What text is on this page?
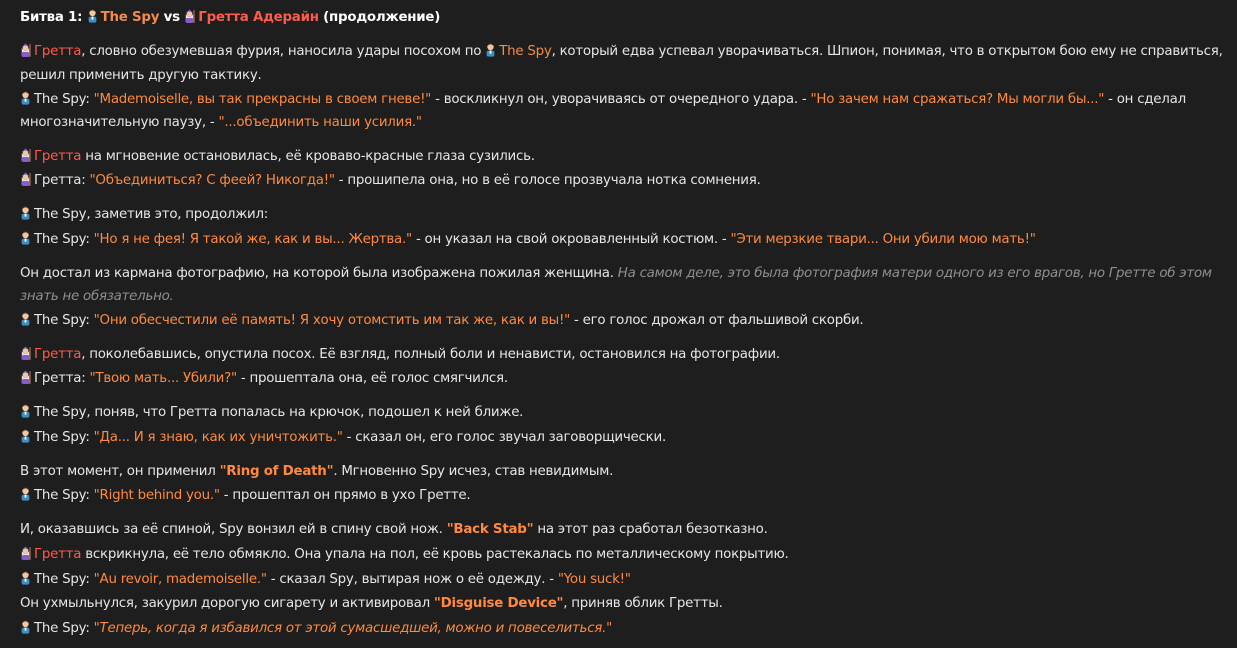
Битва 1: The Spy vs Гретта Адерайн (продолжение)
Гретта, словно обезумевшая фурия, наносила удары посохом по
The Spy, который едва успевал уворачиваться. Шпион, понимая, что в открытом бою ему не справиться, решил применить другую тактику.
The Spy: "Mademoiselle, вы так прекрасны в своем гневе!" - воскликнул он, уворачиваясь от очередного удара. - "Но зачем нам сражаться? Мы могли бы..." - он сделал
многозначительную паузу, - "...объединить наши усилия."
Гретта на мгновение остановилась, её кроваво-красные глаза сузились.
Гретта: "Объединиться? С феей? Никогда!" - прошипела она, но в её голосе прозвучала нотка сомнения.
The Spy, заметив это, продолжил:
The Spy: "Но я не фея! Я такой же, как и вы... Жертва." - он указал на свой окровавленный костюм. - "Эти мерзкие твари... Они убили мою мать!"
Он достал из кармана фотографию, на которой была изображена пожилая женщина. На самом деле, это была фотография матери одного из его врагов, но Гретте об этом
знать не обязательно.
The Spy: "Они обесчестили её память! Я хочу отомстить им так же, как и вы!" - его голос дрожал от фальшивой скорби.
Гретта, поколебавшись, опустила посох. Её взгляд, полный боли и ненависти, остановился на фотографии.
Гретта: "Твою мать... Убили?" - прошептала она, её голос смягчился.
The Spy, поняв, что Гретта попалась на крючок, подошел к ней ближе.
The Spy: "Да... И я знаю, как их уничтожить." - сказал он, его голос звучал заговорщически.
В этот момент, он применил "Ring of Death". Мгновенно Spy исчез, став невидимым.
The Spy: "Right behind you." - прошептал он прямо в ухо Гретте.
И, оказавшись за её спиной, Spy вонзил ей в спину свой нож. "Back Stab" на этот раз сработал безотказно.
Гретта вскрикнула, её тело обмякло. Она упала на пол, её кровь растекалась по металлическому покрытию.
The Spy: "Au revoir, mademoiselle." - сказал Spy, вытирая нож о её одежду. - "You suck!"
Он ухмыльнулся, закурил дорогую сигарету и активировал "Disguise Device", приняв облик Гретты.
The Spy: "Теперь, когда я избавился от этой сумасшедшей, можно и повеселиться."
